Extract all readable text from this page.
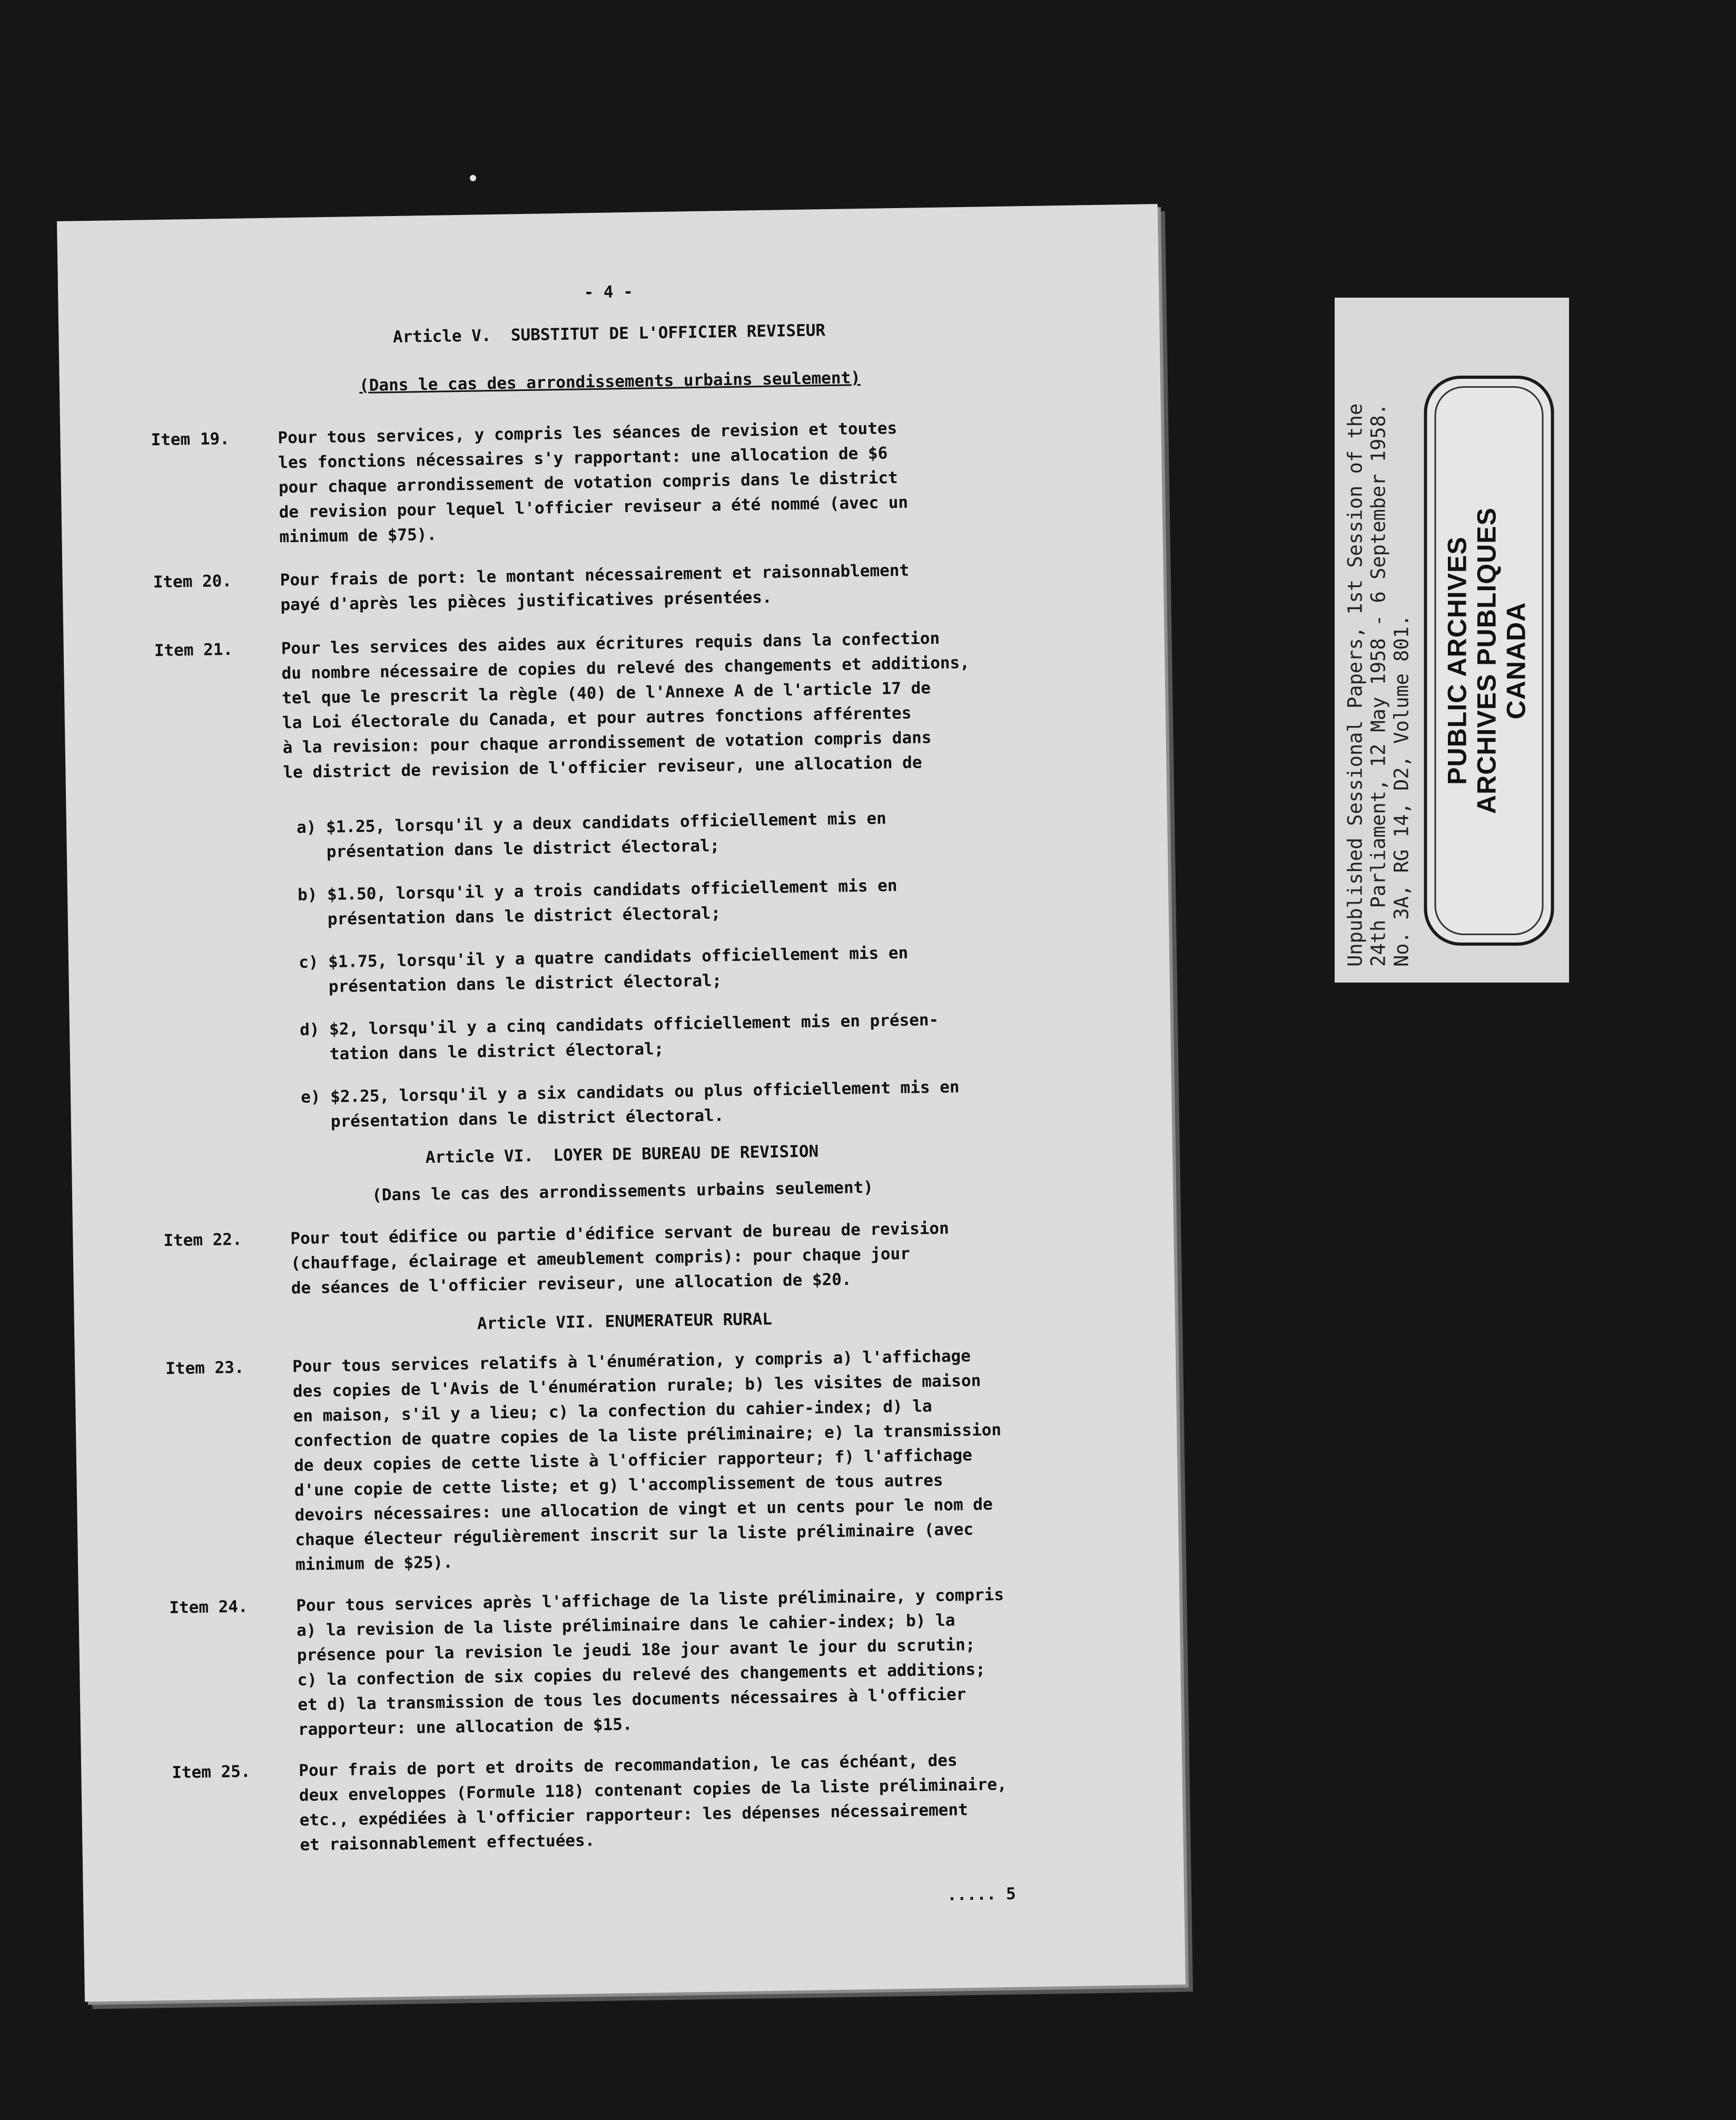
- 4 -
Article V.  SUBSTITUT DE L'OFFICIER REVISEUR
(Dans le cas des arrondissements urbains seulement)
Item 19.	Pour tous services, y compris les séances de revision et toutes
les fonctions nécessaires s'y rapportant: une allocation de $6
pour chaque arrondissement de votation compris dans le district
de revision pour lequel l'officier reviseur a été nommé (avec un
minimum de $75).
Item 20.	Pour frais de port: le montant nécessairement et raisonnablement
payé d'après les pièces justificatives présentées.
Item 21.	Pour les services des aides aux écritures requis dans la confection
du nombre nécessaire de copies du relevé des changements et additions,
tel que le prescrit la règle (40) de l'Annexe A de l'article 17 de
la Loi électorale du Canada, et pour autres fonctions afférentes
à la revision: pour chaque arrondissement de votation compris dans
le district de revision de l'officier reviseur, une allocation de
a) $1.25, lorsqu'il y a deux candidats officiellement mis en
présentation dans le district électoral;
b) $1.50, lorsqu'il y a trois candidats officiellement mis en
présentation dans le district électoral;
c) $1.75, lorsqu'il y a quatre candidats officiellement mis en
présentation dans le district électoral;
d) $2, lorsqu'il y a cinq candidats officiellement mis en présen-
tation dans le district électoral;
e) $2.25, lorsqu'il y a six candidats ou plus officiellement mis en
présentation dans le district électoral.
Article VI.  LOYER DE BUREAU DE REVISION
(Dans le cas des arrondissements urbains seulement)
Item 22.	Pour tout édifice ou partie d'édifice servant de bureau de revision
(chauffage, éclairage et ameublement compris): pour chaque jour
de séances de l'officier reviseur, une allocation de $20.
Article VII. ENUMERATEUR RURAL
Item 23.	Pour tous services relatifs à l'énumération, y compris a) l'affichage
des copies de l'Avis de l'énumération rurale; b) les visites de maison
en maison, s'il y a lieu; c) la confection du cahier-index; d) la
confection de quatre copies de la liste préliminaire; e) la transmission
de deux copies de cette liste à l'officier rapporteur; f) l'affichage
d'une copie de cette liste; et g) l'accomplissement de tous autres
devoirs nécessaires: une allocation de vingt et un cents pour le nom de
chaque électeur régulièrement inscrit sur la liste préliminaire (avec
minimum de $25).
Item 24.	Pour tous services après l'affichage de la liste préliminaire, y compris
a) la revision de la liste préliminaire dans le cahier-index; b) la
présence pour la revision le jeudi 18e jour avant le jour du scrutin;
c) la confection de six copies du relevé des changements et additions;
et d) la transmission de tous les documents nécessaires à l'officier
rapporteur: une allocation de $15.
Item 25.	Pour frais de port et droits de recommandation, le cas échéant, des
deux enveloppes (Formule 118) contenant copies de la liste préliminaire,
etc., expédiées à l'officier rapporteur: les dépenses nécessairement
et raisonnablement effectuées.
..... 5
Unpublished Sessional Papers, 1st Session of the
24th Parliament, 12 May 1958 - 6 September 1958.
No. 3A, RG 14, D2, Volume 801. PUBLIC ARCHIVES ARCHIVES PUBLIQUES CANADA
